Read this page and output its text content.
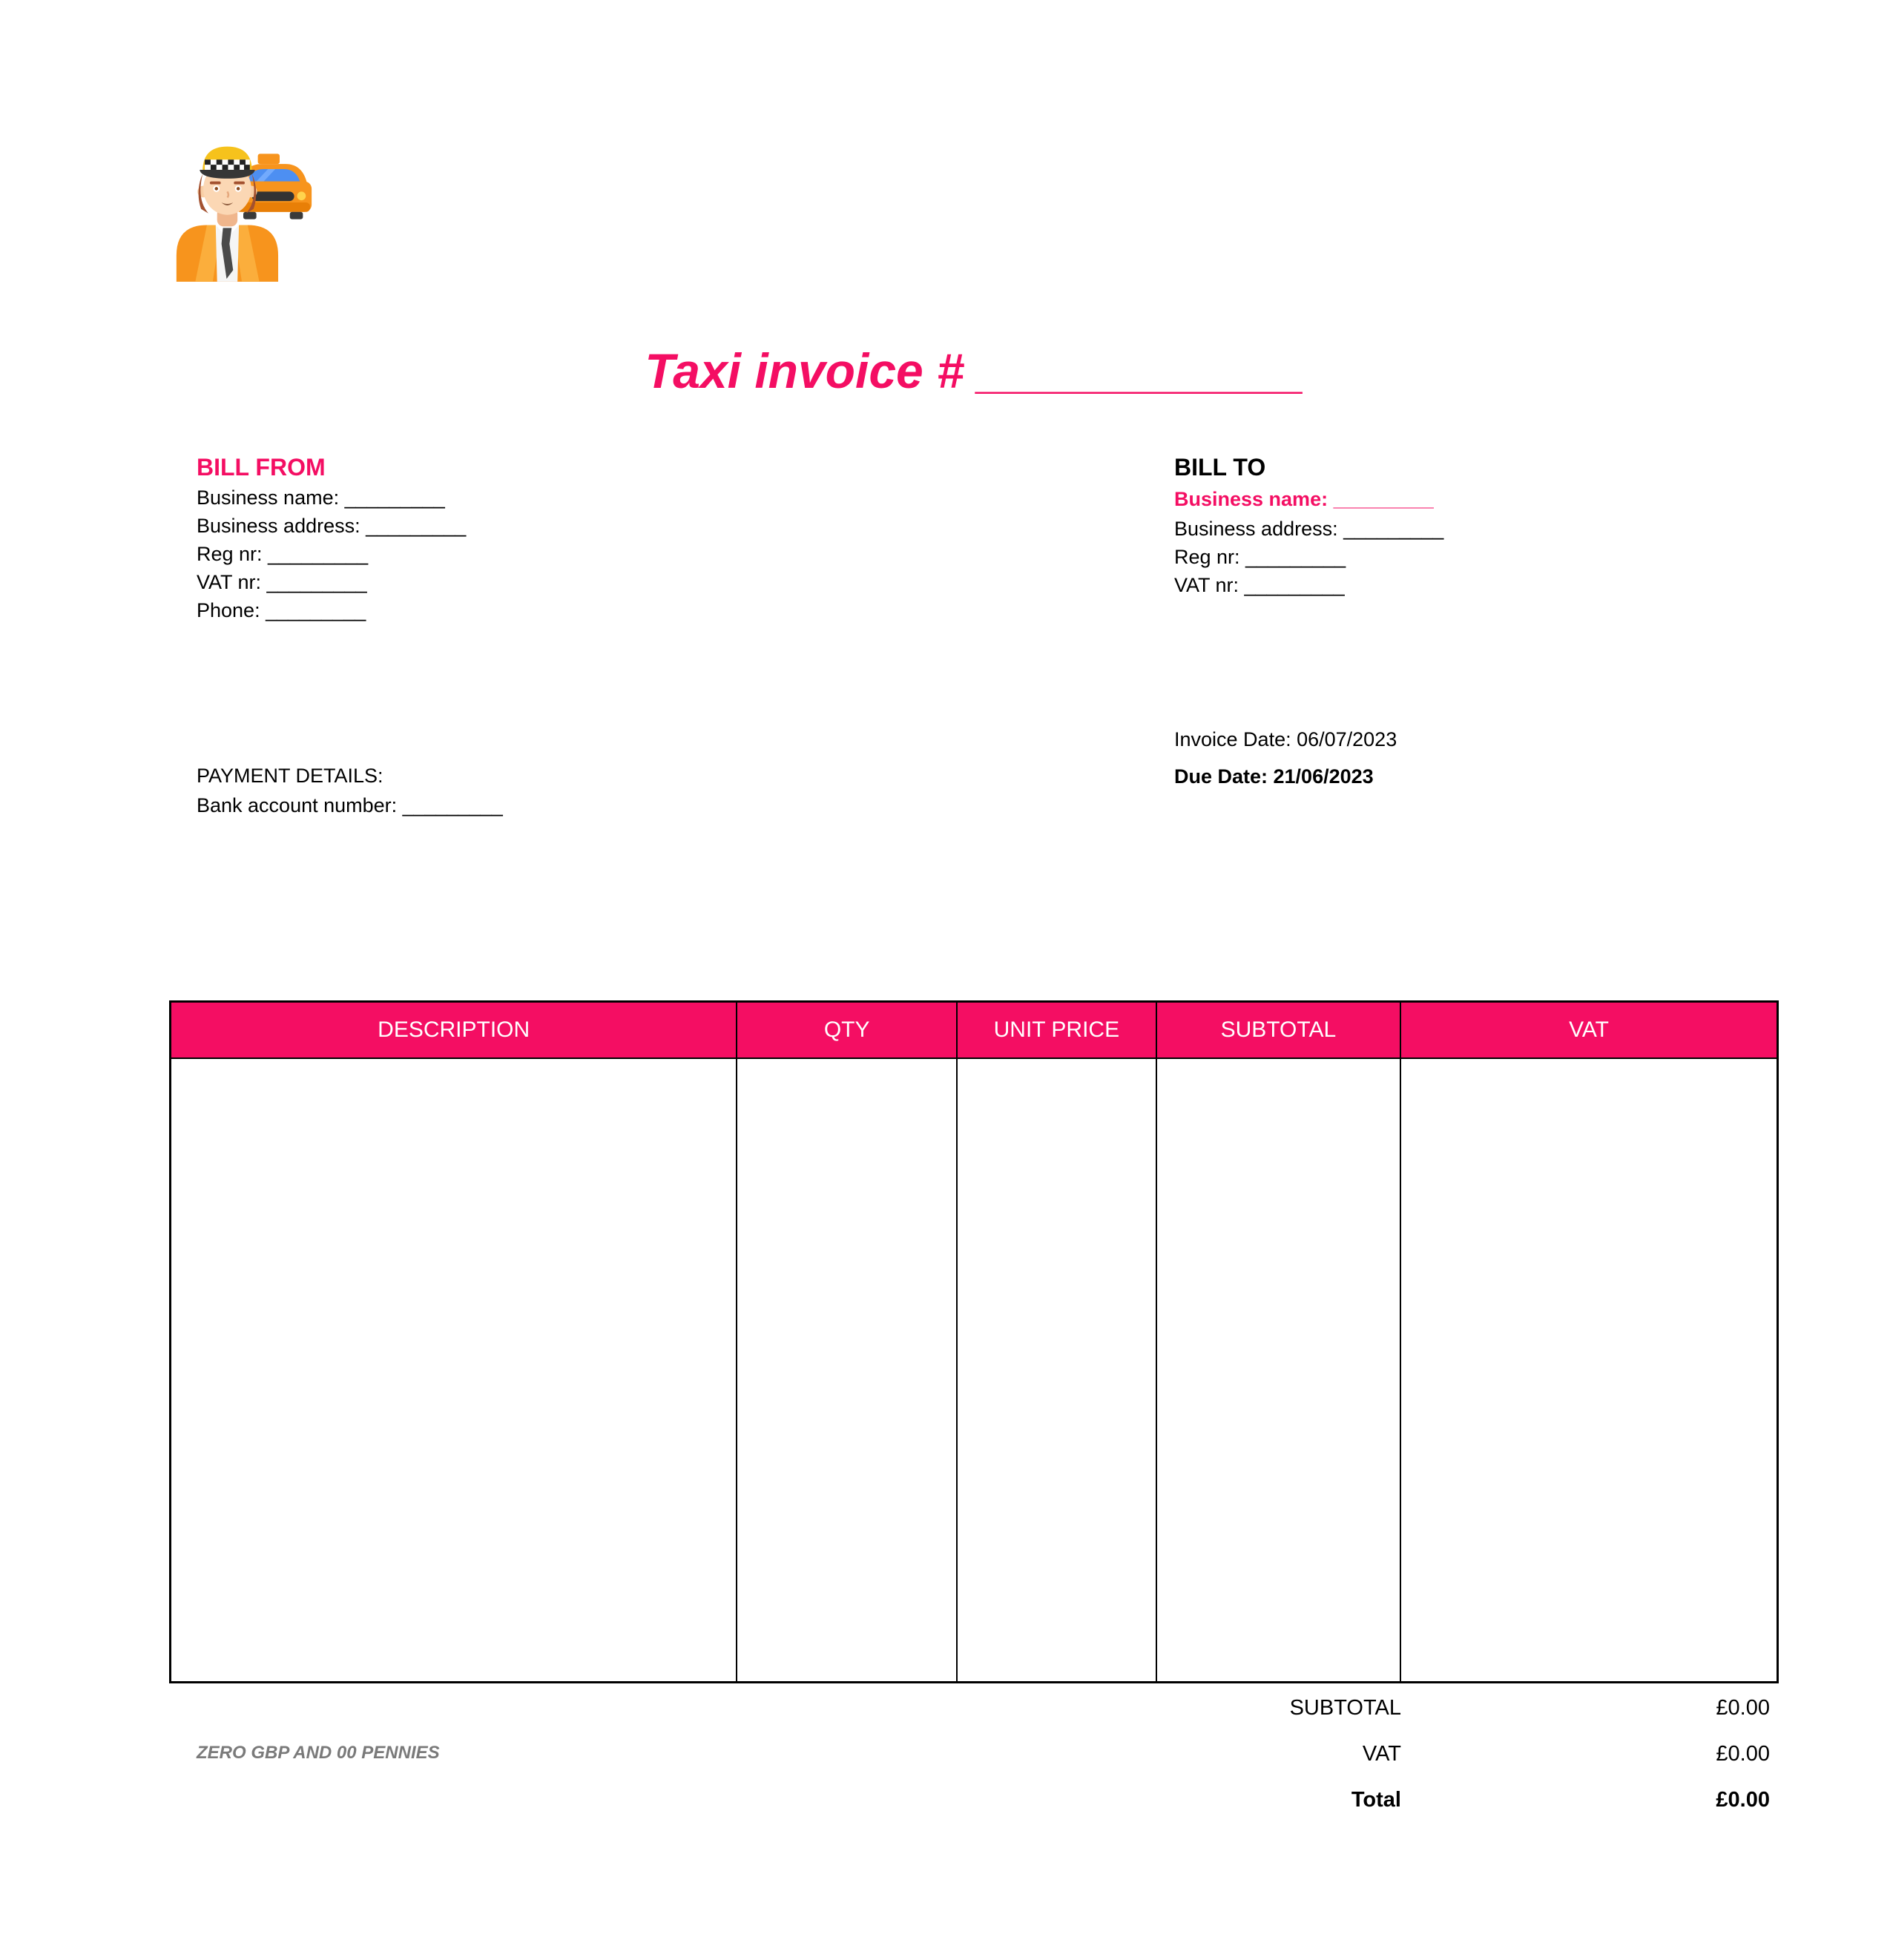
Taxi invoice # ____________
BILL FROM
Business name: _________
Business address: _________
Reg nr: _________
VAT nr: _________
Phone: _________
BILL TO
Business name: _________
Business address: _________
Reg nr: _________
VAT nr: _________
Invoice Date: 06/07/2023
Due Date: 21/06/2023
PAYMENT DETAILS:
Bank account number: _________
DESCRIPTION	QTY	UNIT PRICE	SUBTOTAL	VAT

SUBTOTAL	£0.00
VAT	£0.00
Total	£0.00
ZERO GBP AND 00 PENNIES
